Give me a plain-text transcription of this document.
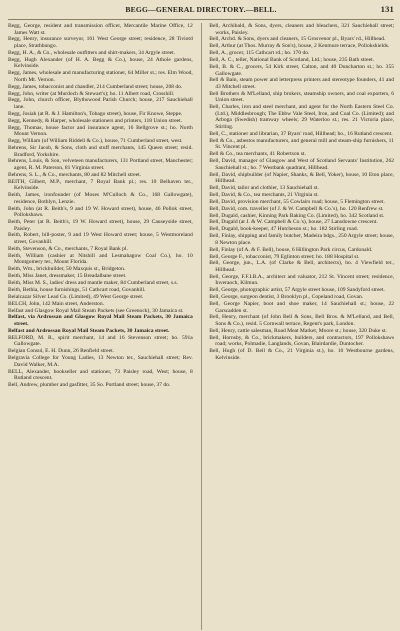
BEGG—GENERAL DIRECTORY.—BELL.	131

Begg, George, resident and transmission officer, Mercantile Marine Office, 12 James Watt st.

Begg, Henry, insurance surveyor, 161 West George street; residence, 28 Tiviotd place, Strathbungo.

Begg, H. A., & Co., wholesale outfitters and shirt-makers, 34 Argyle street.

Begg, Hugh Alexander (of H. A. Begg & Co.), house, 24 Athole gardens, Kelvinside.

Begg, James, wholesale and manufacturing stationer, 64 Miller st.; res. Elm Wood, North Mt. Vernon.

Begg, James, tobacconist and chandler, 214 Cumberland street; house, 208 do.

Begg, John, writer (at Murdoch & Stewart's); ho. 11 Albert road, Crosshill.

Begg, John, church officer, Blythswood Parish Church; house, 217 Sauchiehall lane.

Begg, Josiah (at R. & J. Hamilton's, Tobago street), house, Fir Knowe, Steppe.

Begg, Kennedy, & Harper, wholesale stationers and printers, 118 Union street.

Begg, Thomas, house factor and insurance agent, 16 Bellgrove st.; ho. North Mount Vernon.

Begg, William (of William Riddell & Co.), house, 71 Cumberland street, west.

Behrens, Sir Jacob, & Sons, cloth and stuff merchants, 145 Queen street; resid. Bradford, Yorkshire.

Behrens, Louis, & Son, velveteen manufacturers, 131 Portland street, Manchester; agent, R. M. Paterson, 81 Virginia street.

Behrens, S. L., & Co., merchants, 80 and 82 Mitchell street.

BEITH, Gilbert, M.P., merchant, 7 Royal Bank pl.; res. 10 Belhaven ter., Kelvinside.

Beith, James, ironfounder (of Moses M'Culloch & Co., 168 Gallowgate), residence, Bothlyn, Lenzie.

Beith, John (at R. Beith's, 9 and 19 W. Howard street), house, 46 Pollok street, Pollokshaws.

Beith, Peter (at R. Beith's, 19 W. Howard street), house, 29 Causeyside street, Paisley.

Beith, Robert, bill-poster, 9 and 19 West Howard street; house, 5 Westmoreland street, Govanhill.

Beith, Stevenson, & Co., merchants, 7 Royal Bank pl.

Beith, William (cashier at Nitshill and Lesmahagow Coal Co.), ho. 10 Montgomery ter., Mount Florida.

Beith, Wm., brickbuilder, 50 Maxquis st., Bridgeton.

Beith, Miss Janet, dressmaker, 15 Breadalbane street.

Beith, Miss M. S., ladies' dress and mantle maker, 84 Cumberland street, s.s.

Beith, Bethia, house furnishings, 51 Cathcart road, Govanhill.

Belalcazar Silver Lead Co. (Limited), 49 West George street.

BELCH, John, 142 Main street, Anderston.

Belfast and Glasgow Royal Mail Steam Packets (see Greenock), 30 Jamaica st.

Belfast, via Ardrossan and Glasgow Royal Mail Steam Packets, 30 Jamaica street.

Belfast and Ardrossan Royal Mail Steam Packets, 30 Jamaica street.

BELFORD, M. R., spirit merchant, 14 and 16 Stevenson street; ho. 591a Gallowgate.

Belgian Consul, E. H. Dunn, 26 Renfield street.

Belgravia College for Young Ladies, 13 Newton ter., Sauchiehall street; Rev. David Walker, M.A.

BELL, Alexander, bookseller and stationer, 73 Paisley road, West; house, 8 Rutland crescent.

Bell, Andrew, plumber and gasfitter, 35 So. Portland street; house, 37 do.

Bell, Archibald, & Sons, dyers, cleaners and bleachers, 321 Sauchiehall street; works, Paisley.

Bell, Archd. & Sons, dyers and cleaners, 15 Grosvenor pl., Byars' rd., Hillhead.

Bell, Arthur (at Thos. Murray & Son's), house, 2 Kenmure terrace, Pollokshields.

Bell, A., grocer, 115 Cathcart rd.; ho. 170 do.

Bell, A. C., teller, National Bank of Scotland, Ltd.; house, 235 Bath street.

Bell, B. & C., grocers, 54 Kirk street, Calton, and 40 Duncharton st.; ho. 355 Gallowgate.

Bell & Bain, steam power and letterpress printers and stereotype founders, 41 and 43 Mitchell street.

Bell Brothers & M'Lelland, ship brokers, steamship owners, and coal exporters, 6 Union street.

Bell, Charles, iron and steel merchant, and agent for the North Eastern Steel Co. (Ltd.), Middlesbrough; The Ebbw Vale Steel, Iron, and Coal Co. (Limited); and Arboga (Swedish) tramway wheels; 29 Waterloo st.; res. 21 Victoria place, Stirling.

Bell, C., stationer and librarian, 37 Byars' road, Hillhead; ho., 16 Rutland crescent.

Bell & Co., asbestos manufacturers, and general mill and steam-ship furnishers, 11 St. Vincent pl.

Bell & Co., tea merchants, 41 Robertson st.

Bell, David, manager of Glasgow and West of Scotland Servants' Institution, 262 Sauchiehall st.; ho. 7 Westbank quadrant, Hillhead.

Bell, David, shipbuilder (of Napier, Shanks, & Bell, Yoker), house, 10 Eton place, Hillhead.

Bell, David, tailor and clothier, 13 Sauchiehall st.

Bell, David, & Co., tea merchants, 21 Virginia st.

Bell, David, provision merchant, 55 Cowlairs road; house, 5 Flemington street.

Bell, David, com. traveller (of J. & W. Campbell & Co.'s), ho. 120 Renfrew st.

Bell, Dugald, cashier, Kinning Park Baking Co. (Limited), ho. 342 Scotland st.

Bell, Dugald (at J. & W. Campbell & Co.'s), house, 27 Lansdowne crescent.

Bell, Dugald, book-keeper, 47 Hutcheson st.; ho. 182 Stirling road.

Bell, Finlay, shipping and family butcher, Madeira bdgs., 250 Argyle street; house, 8 Newton place.

Bell, Finlay (of A. & F. Bell), house, 6 Hillington Park circus, Cardonald.

Bell, George F., tobacconist, 79 Eglinton street; ho. 188 Hospital st.

Bell, George, jun., L.A. (of Clarke & Bell, architects), ho. 4 Viewfield ter., Hillhead.

Bell, George, F.F.I.B.A., architect and valuator, 212 St. Vincent street; residence, Inveraoch, Kilmun.

Bell, George, photographic artist, 57 Argyle street house, 109 Sandyford street.

Bell, George, surgeon dentist, 3 Brooklyn pl., Copeland road, Govan.

Bell, George Napier, boot and shoe maker, 14 Sauchiehall st.; house, 22 Garscadden st.

Bell, Henry, merchant (of John Bell & Sons, Bell Bros. & M'Lelland, and Bell, Sons & Co.), resid. 5 Cornwall terrace, Regent's park, London.

Bell, Henry, cattle salesman, Road Meat Market, Moore st.; house, 320 Duke st.

Bell, Hornsby, & Co., brickmakers, builders, and contractors, 197 Pollokshaws road; works, Polmadie, Langlands, Govan, Blairdardie, Duntocher.

Bell, Hugh (of D. Bell & Co., 21 Virginia st.), ho. 10 Westbourne gardens, Kelvinside.
